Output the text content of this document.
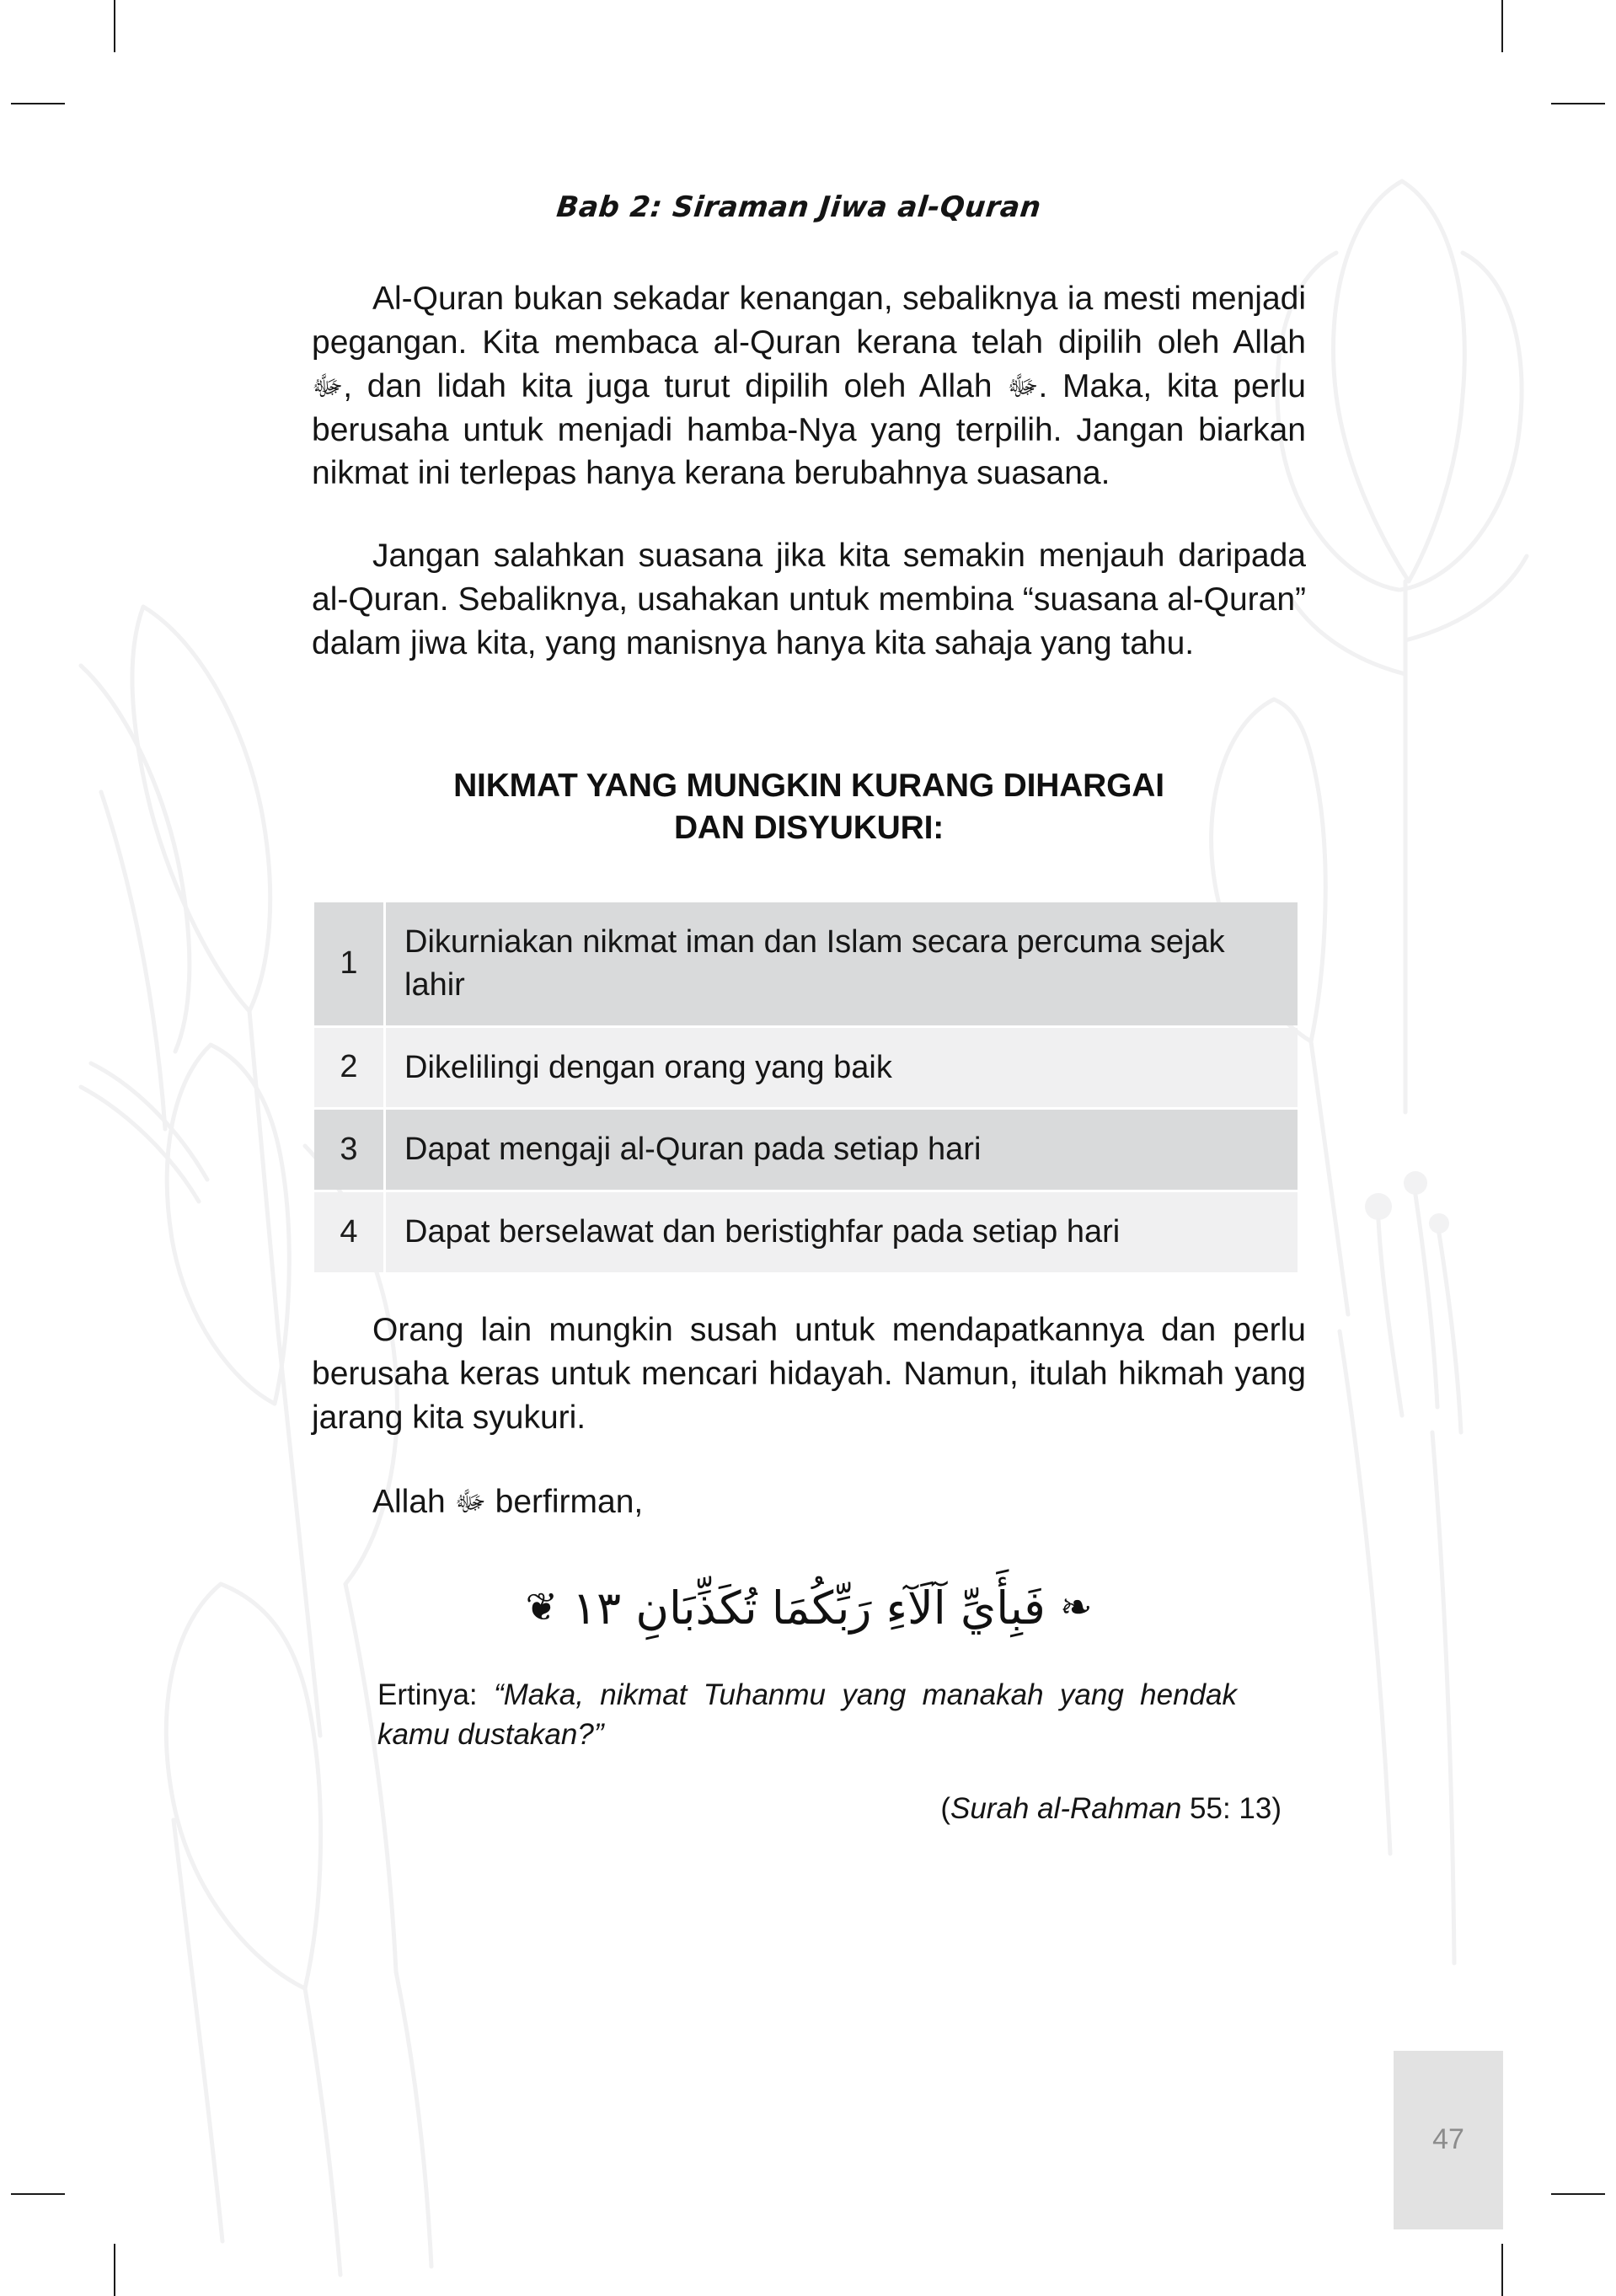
Bab 2: Siraman Jiwa al-Quran

Al-Quran bukan sekadar kenangan, sebaliknya ia mesti menjadi pegangan. Kita membaca al-Quran kerana telah dipilih oleh Allah ﷻ, dan lidah kita juga turut dipilih oleh Allah ﷻ. Maka, kita perlu berusaha untuk menjadi hamba-Nya yang terpilih. Jangan biarkan nikmat ini terlepas hanya kerana berubahnya suasana.

Jangan salahkan suasana jika kita semakin menjauh daripada al-Quran. Sebaliknya, usahakan untuk membina “suasana al-Quran” dalam jiwa kita, yang manisnya hanya kita sahaja yang tahu.

NIKMAT YANG MUNGKIN KURANG DIHARGAI
DAN DISYUKURI:
1	Dikurniakan nikmat iman dan Islam secara percuma sejak lahir
2	Dikelilingi dengan orang yang baik
3	Dapat mengaji al-Quran pada setiap hari
4	Dapat berselawat dan beristighfar pada setiap hari

Orang lain mungkin susah untuk mendapatkannya dan perlu berusaha keras untuk mencari hidayah. Namun, itulah hikmah yang jarang kita syukuri.

Allah ﷻ berfirman,
❧ فَبِأَيِّ آلَآءِ رَبِّكُمَا تُكَذِّبَانِ ١٣ ❦
Ertinya: “Maka, nikmat Tuhanmu yang manakah yang hendak kamu dustakan?”
(Surah al-Rahman 55: 13)
47
